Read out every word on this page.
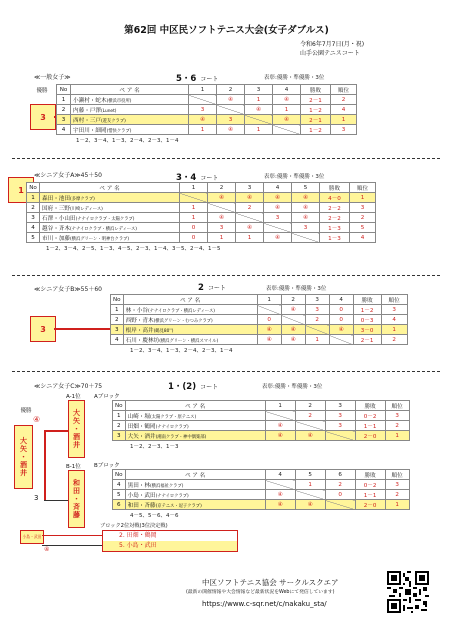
第62回 中区民ソフトテニス大会(女子ダブルス)
令和6年7月7日(月・祝)
山手公園テニスコート
≪一般女子≫	5・6 コート	表彰:優勝・準優勝・3位
優勝
3
No	ペ ア 名	1	2	3	4	勝敗	順位
1	小瀬村・蛇木(横浜市役所)		④	1	④	2－1	2
2	内藤・戸澤(Lunet)	3		④	1	1－2	4
3	西村・三戸(遊友クラブ)	④	3		④	2－1	1
4	宇田川・細岡(惜快クラブ)	1	④	1		1－2	3
1－2、3－4、1－3、2－4、2－3、1－4
≪シニア女子A≫45＋50	3・4 コート	表彰:優勝・準優勝・3位
1 No	ペ ア 名	1	2	3	4	5	勝敗	順位
1	森田・池田(多摩クラブ)		④	④	④	④	4－0	1
2	国府・三野(川崎レディース)	1		2	④	④	2－2	3
3	石澤・小山田(ナナイロクラブ・太陽クラブ)	1	④		3	④	2－2	2
4	越谷・斉木(ナナイロクラブ・横浜レディース)	0	3	④		3	1－3	5
5	市川・加藤(横浜グリーン・明神台クラブ)	0	1	1	④		1－3	4
1－2、3－4、2－5、1－3、4－5、2－3、1－4、3－5、2－4、1－5
≪シニア女子B≫55＋60	2 コート	表彰:優勝・準優勝・3位
3
No	ペ ア 名	1	2	3	4	勝敗	順位
1	林・小谷(ナナイロクラブ・横浜レディース)		④	3	0	1－2	3
2	西野・青木(横浜グリーン・むつみクラブ)	0		2	0	0－3	4
3	根岸・高井(鶴見80'')	④	④		④	3－0	1
4	石川・慶林坊(横浜グリーン・横浜スマイル)	④	④	1		2－1	2
1－2、3－4、1－3、2－4、2－3、1－4
≪シニア女子C≫70＋75	1・(2) コート	表彰:優勝・準優勝・3位
優勝
④
大矢・酒井
3
A-1位
大矢・酒井
B-1位
和田・斉藤
Aブロック
Bブロック
ブロック2位対戦(3位決定戦)
2. 田畑・鶴岡
5. 小島・武田
小島・武田
④
No	ペ ア 名	1	2	3	勝敗	順位
1	山崎・堀(太陽クラブ・原テニス)		2	3	0－2	3
2	田畑・鶴岡(ナナイロクラブ)	④		3	1－1	2
3	大矢・酒井(湘南クラブ・神中偶楽部)	④	④		2－0	1
1－2、2－3、1－3
No	ペ ア 名	4	5	6	勝敗	順位
4	黒田・林(横浜福祉クラブ)		1	2	0－2	3
5	小島・武田(ナナイロクラブ)	④		0	1－1	2
6	和田・斉藤(京テニス・逗子クラブ)	④	④		2－0	1
4－5、5－6、4－6
中区ソフトテニス協会 サークルスクエア
(最新の開催情報や大会情報など最新状況をWebにて発信しています)
https://www.c-sqr.net/c/nakaku_sta/
